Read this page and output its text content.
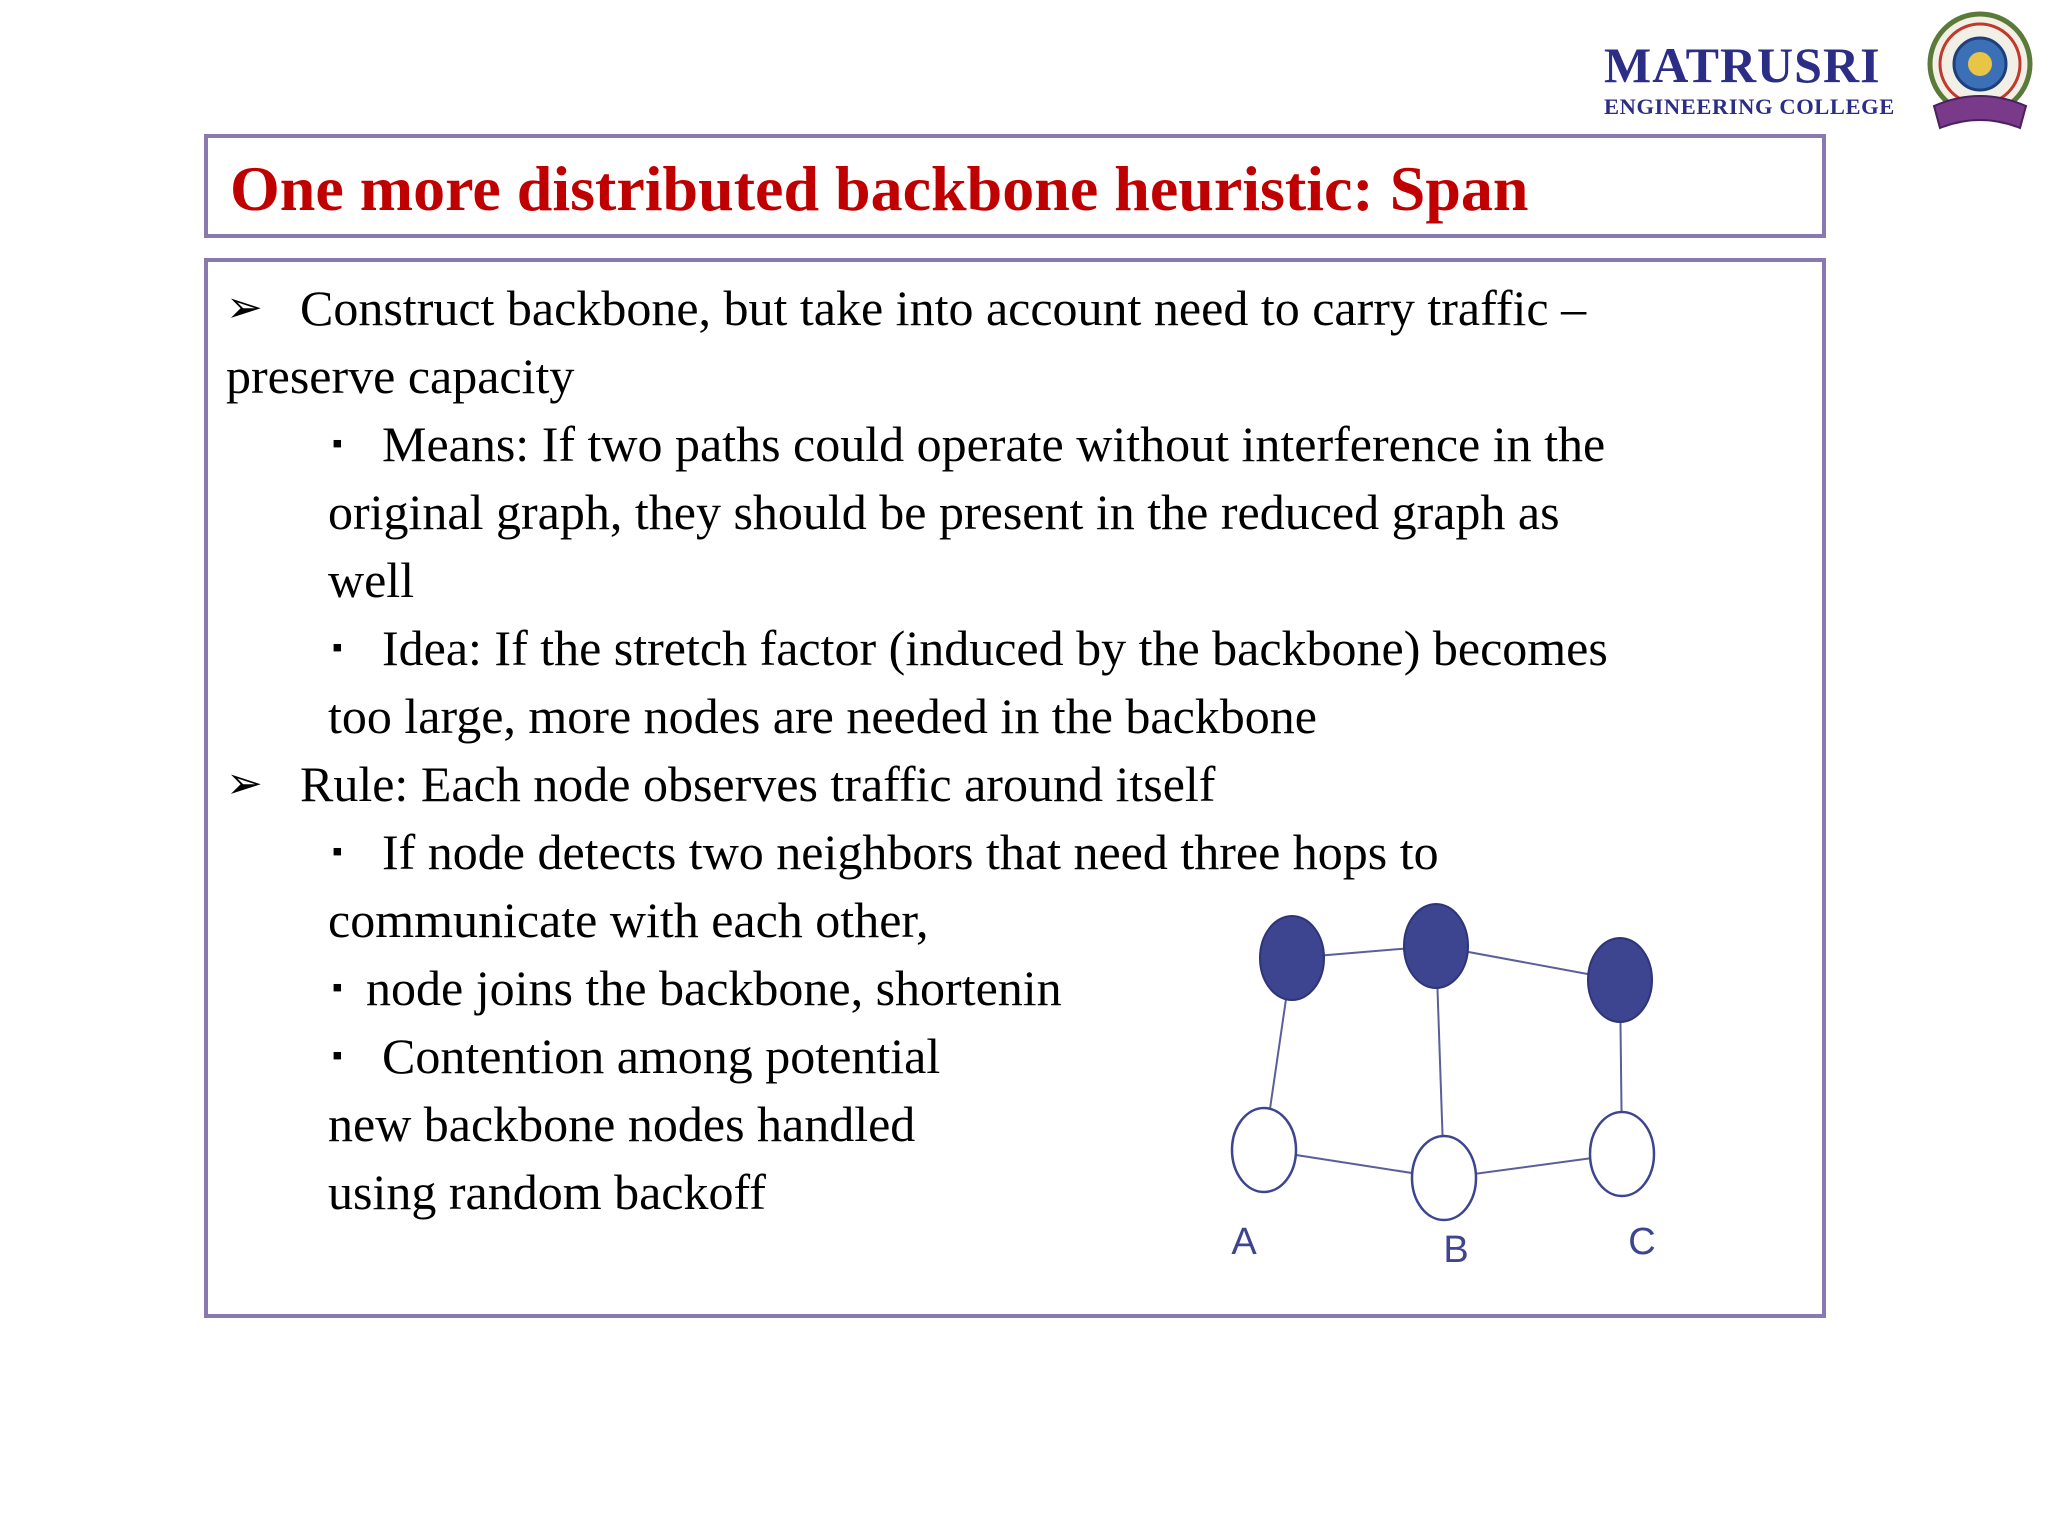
MATRUSRI
ENGINEERING COLLEGE
One more distributed backbone heuristic: Span
➢ Construct backbone, but take into account need to carry traffic –
preserve capacity
▪ Means: If two paths could operate without interference in the
original graph, they should be present in the reduced graph as
well
▪ Idea: If the stretch factor (induced by the backbone) becomes
too large, more nodes are needed in the backbone
➢ Rule: Each node observes traffic around itself
▪ If node detects two neighbors that need three hops to
communicate with each other,
▪ node joins the backbone, shortenin
▪ Contention among potential
new backbone nodes handled
using random backoff
A	B	C
